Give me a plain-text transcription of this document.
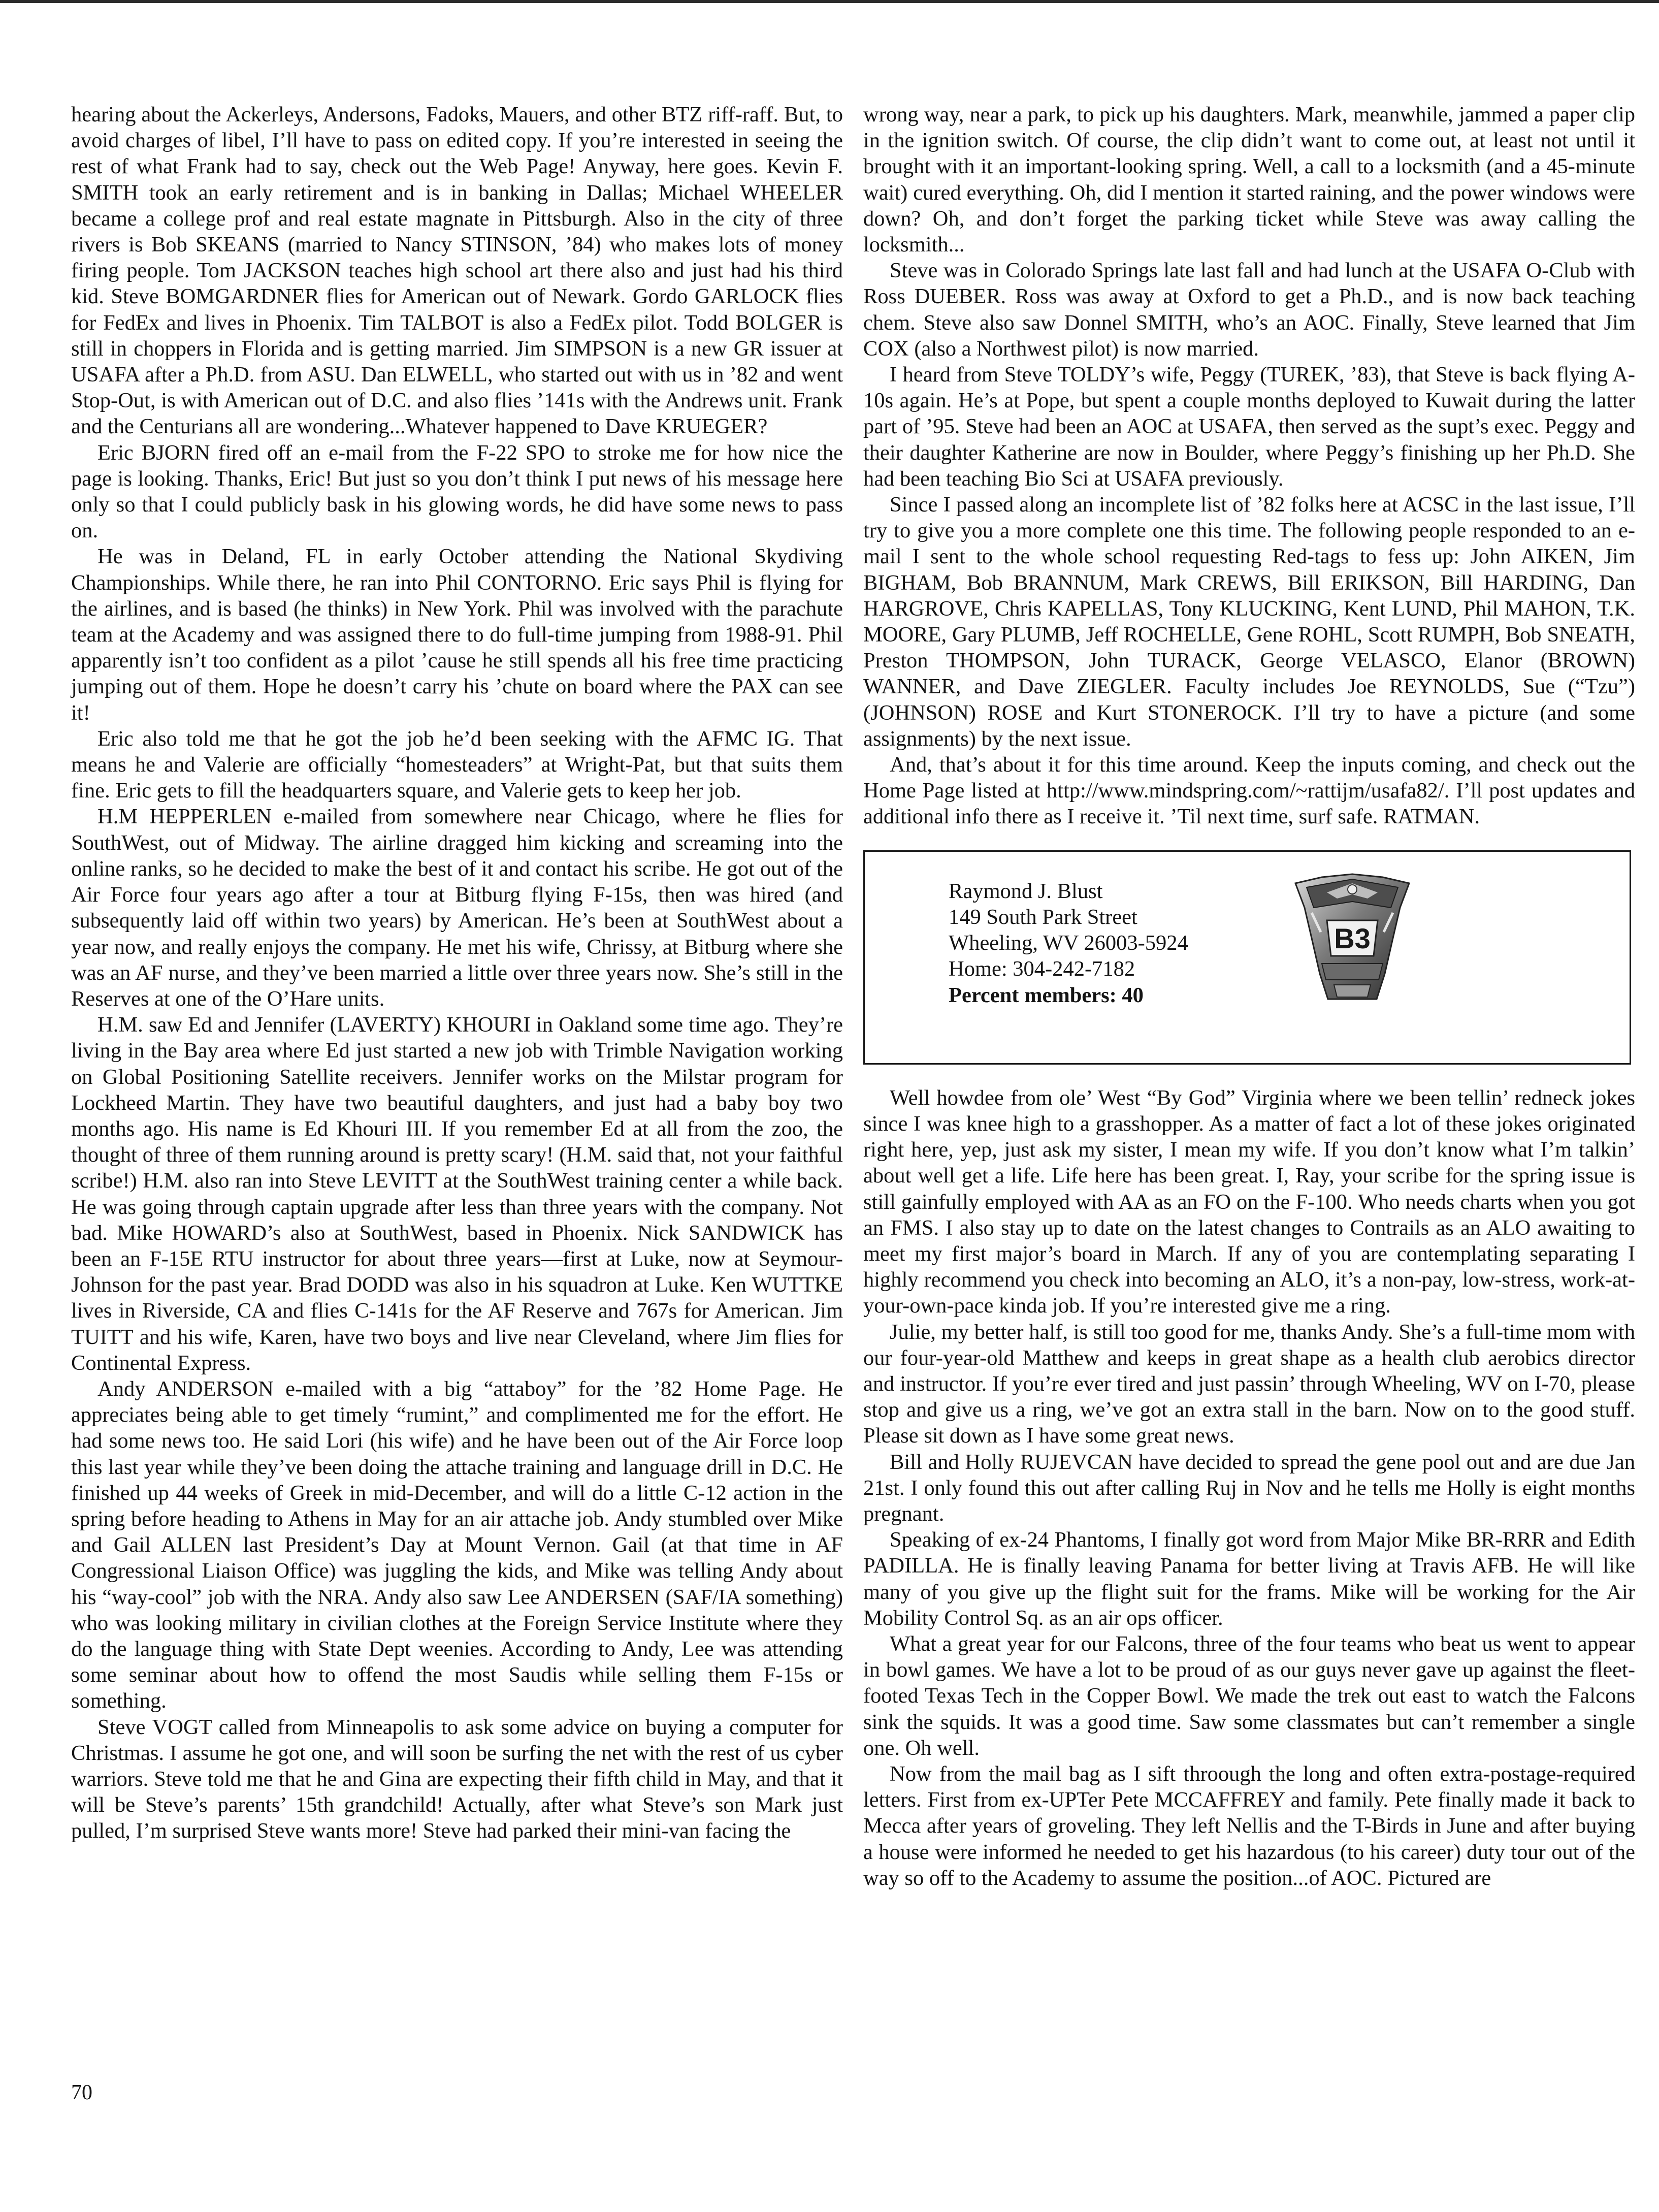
hearing about the Ackerleys, Andersons, Fadoks, Mauers, and other BTZ riff-raff. But, to avoid charges of libel, I’ll have to pass on edited copy. If you’re interested in seeing the rest of what Frank had to say, check out the Web Page! Anyway, here goes. Kevin F. SMITH took an early retirement and is in banking in Dallas; Michael WHEELER became a college prof and real estate magnate in Pittsburgh. Also in the city of three rivers is Bob SKEANS (married to Nancy STINSON, ’84) who makes lots of money firing people. Tom JACKSON teaches high school art there also and just had his third kid. Steve BOMGARDNER flies for American out of Newark. Gordo GARLOCK flies for FedEx and lives in Phoenix. Tim TALBOT is also a FedEx pilot. Todd BOLGER is still in choppers in Florida and is getting married. Jim SIMPSON is a new GR issuer at USAFA after a Ph.D. from ASU. Dan ELWELL, who started out with us in ’82 and went Stop-Out, is with American out of D.C. and also flies ’141s with the Andrews unit. Frank and the Centurians all are wondering...Whatever happened to Dave KRUEGER?

Eric BJORN fired off an e-mail from the F-22 SPO to stroke me for how nice the page is looking. Thanks, Eric! But just so you don’t think I put news of his message here only so that I could publicly bask in his glowing words, he did have some news to pass on.

He was in Deland, FL in early October attending the National Skydiving Championships. While there, he ran into Phil CONTORNO. Eric says Phil is flying for the airlines, and is based (he thinks) in New York. Phil was involved with the parachute team at the Academy and was assigned there to do full-time jumping from 1988-91. Phil apparently isn’t too confident as a pilot ’cause he still spends all his free time practicing jumping out of them. Hope he doesn’t carry his ’chute on board where the PAX can see it!

Eric also told me that he got the job he’d been seeking with the AFMC IG. That means he and Valerie are officially “homesteaders” at Wright-Pat, but that suits them fine. Eric gets to fill the headquarters square, and Valerie gets to keep her job.

H.M HEPPERLEN e-mailed from somewhere near Chicago, where he flies for SouthWest, out of Midway. The airline dragged him kicking and screaming into the online ranks, so he decided to make the best of it and contact his scribe. He got out of the Air Force four years ago after a tour at Bitburg flying F-15s, then was hired (and subsequently laid off within two years) by American. He’s been at SouthWest about a year now, and really enjoys the company. He met his wife, Chrissy, at Bitburg where she was an AF nurse, and they’ve been married a little over three years now. She’s still in the Reserves at one of the O’Hare units.

H.M. saw Ed and Jennifer (LAVERTY) KHOURI in Oakland some time ago. They’re living in the Bay area where Ed just started a new job with Trimble Navigation working on Global Positioning Satellite receivers. Jennifer works on the Milstar program for Lockheed Martin. They have two beautiful daughters, and just had a baby boy two months ago. His name is Ed Khouri III. If you remember Ed at all from the zoo, the thought of three of them running around is pretty scary! (H.M. said that, not your faithful scribe!) H.M. also ran into Steve LEVITT at the SouthWest training center a while back. He was going through captain upgrade after less than three years with the company. Not bad. Mike HOWARD’s also at SouthWest, based in Phoenix. Nick SANDWICK has been an F-15E RTU instructor for about three years—first at Luke, now at Seymour-Johnson for the past year. Brad DODD was also in his squadron at Luke. Ken WUTTKE lives in Riverside, CA and flies C-141s for the AF Reserve and 767s for American. Jim TUITT and his wife, Karen, have two boys and live near Cleveland, where Jim flies for Continental Express.

Andy ANDERSON e-mailed with a big “attaboy” for the ’82 Home Page. He appreciates being able to get timely “rumint,” and complimented me for the effort. He had some news too. He said Lori (his wife) and he have been out of the Air Force loop this last year while they’ve been doing the attache training and language drill in D.C. He finished up 44 weeks of Greek in mid-December, and will do a little C-12 action in the spring before heading to Athens in May for an air attache job. Andy stumbled over Mike and Gail ALLEN last President’s Day at Mount Vernon. Gail (at that time in AF Congressional Liaison Office) was juggling the kids, and Mike was telling Andy about his “way-cool” job with the NRA. Andy also saw Lee ANDERSEN (SAF/IA something) who was looking military in civilian clothes at the Foreign Service Institute where they do the language thing with State Dept weenies. According to Andy, Lee was attending some seminar about how to offend the most Saudis while selling them F-15s or something.

Steve VOGT called from Minneapolis to ask some advice on buying a computer for Christmas. I assume he got one, and will soon be surfing the net with the rest of us cyber warriors. Steve told me that he and Gina are expecting their fifth child in May, and that it will be Steve’s parents’ 15th grandchild! Actually, after what Steve’s son Mark just pulled, I’m surprised Steve wants more! Steve had parked their mini-van facing the

wrong way, near a park, to pick up his daughters. Mark, meanwhile, jammed a paper clip in the ignition switch. Of course, the clip didn’t want to come out, at least not until it brought with it an important-looking spring. Well, a call to a locksmith (and a 45-minute wait) cured everything. Oh, did I mention it started raining, and the power windows were down? Oh, and don’t forget the parking ticket while Steve was away calling the locksmith...

Steve was in Colorado Springs late last fall and had lunch at the USAFA O-Club with Ross DUEBER. Ross was away at Oxford to get a Ph.D., and is now back teaching chem. Steve also saw Donnel SMITH, who’s an AOC. Finally, Steve learned that Jim COX (also a Northwest pilot) is now married.

I heard from Steve TOLDY’s wife, Peggy (TUREK, ’83), that Steve is back flying A-10s again. He’s at Pope, but spent a couple months deployed to Kuwait during the latter part of ’95. Steve had been an AOC at USAFA, then served as the supt’s exec. Peggy and their daughter Katherine are now in Boulder, where Peggy’s finishing up her Ph.D. She had been teaching Bio Sci at USAFA previously.

Since I passed along an incomplete list of ’82 folks here at ACSC in the last issue, I’ll try to give you a more complete one this time. The following people responded to an e-mail I sent to the whole school requesting Red-tags to fess up: John AIKEN, Jim BIGHAM, Bob BRANNUM, Mark CREWS, Bill ERIKSON, Bill HARDING, Dan HARGROVE, Chris KAPELLAS, Tony KLUCKING, Kent LUND, Phil MAHON, T.K. MOORE, Gary PLUMB, Jeff ROCHELLE, Gene ROHL, Scott RUMPH, Bob SNEATH, Preston THOMPSON, John TURACK, George VELASCO, Elanor (BROWN) WANNER, and Dave ZIEGLER. Faculty includes Joe REYNOLDS, Sue (“Tzu”) (JOHNSON) ROSE and Kurt STONEROCK. I’ll try to have a picture (and some assignments) by the next issue.

And, that’s about it for this time around. Keep the inputs coming, and check out the Home Page listed at http://www.mindspring.com/~rattijm/usafa82/. I’ll post updates and additional info there as I receive it. ’Til next time, surf safe. RATMAN.

Raymond J. Blust
149 South Park Street
Wheeling, WV 26003-5924
Home: 304-242-7182
Percent members: 40
B3

Well howdee from ole’ West “By God” Virginia where we been tellin’ redneck jokes since I was knee high to a grasshopper. As a matter of fact a lot of these jokes originated right here, yep, just ask my sister, I mean my wife. If you don’t know what I’m talkin’ about well get a life. Life here has been great. I, Ray, your scribe for the spring issue is still gainfully employed with AA as an FO on the F-100. Who needs charts when you got an FMS. I also stay up to date on the latest changes to Contrails as an ALO awaiting to meet my first major’s board in March. If any of you are contemplating separating I highly recommend you check into becoming an ALO, it’s a non-pay, low-stress, work-at-your-own-pace kinda job. If you’re interested give me a ring.

Julie, my better half, is still too good for me, thanks Andy. She’s a full-time mom with our four-year-old Matthew and keeps in great shape as a health club aerobics director and instructor. If you’re ever tired and just passin’ through Wheeling, WV on I-70, please stop and give us a ring, we’ve got an extra stall in the barn. Now on to the good stuff. Please sit down as I have some great news.

Bill and Holly RUJEVCAN have decided to spread the gene pool out and are due Jan 21st. I only found this out after calling Ruj in Nov and he tells me Holly is eight months pregnant.

Speaking of ex-24 Phantoms, I finally got word from Major Mike BR-RRR and Edith PADILLA. He is finally leaving Panama for better living at Travis AFB. He will like many of you give up the flight suit for the frams. Mike will be working for the Air Mobility Control Sq. as an air ops officer.

What a great year for our Falcons, three of the four teams who beat us went to appear in bowl games. We have a lot to be proud of as our guys never gave up against the fleet-footed Texas Tech in the Copper Bowl. We made the trek out east to watch the Falcons sink the squids. It was a good time. Saw some classmates but can’t remember a single one. Oh well.

Now from the mail bag as I sift throough the long and often extra-postage-required letters. First from ex-UPTer Pete MCCAFFREY and family. Pete finally made it back to Mecca after years of groveling. They left Nellis and the T-Birds in June and after buying a house were informed he needed to get his hazardous (to his career) duty tour out of the way so off to the Academy to assume the position...of AOC. Pictured are

70
